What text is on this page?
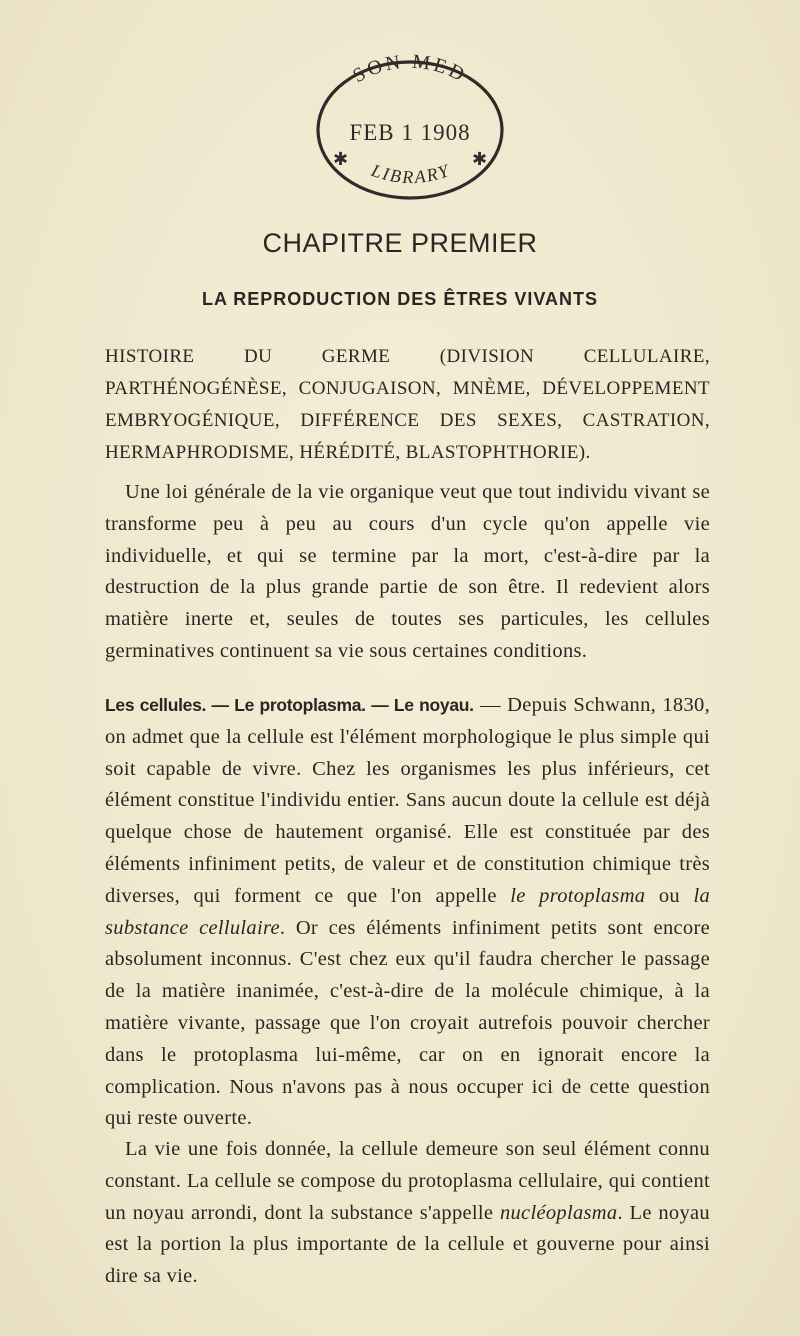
SON MED
FEB 1 1908
✱	✱
LIBRARY
CHAPITRE PREMIER
LA REPRODUCTION DES ÊTRES VIVANTS

HISTOIRE DU GERME (DIVISION CELLULAIRE, PARTHÉNOGÉNÈSE, CONJUGAISON, MNÈME, DÉVELOPPEMENT EMBRYOGÉNIQUE, DIFFÉRENCE DES SEXES, CASTRATION, HERMAPHRODISME, HÉRÉDITÉ, BLASTOPHTHORIE).

Une loi générale de la vie organique veut que tout individu vivant se transforme peu à peu au cours d'un cycle qu'on appelle vie individuelle, et qui se termine par la mort, c'est-à-dire par la destruction de la plus grande partie de son être. Il redevient alors matière inerte et, seules de toutes ses particules, les cellules germinatives continuent sa vie sous certaines conditions.

Les cellules. — Le protoplasma. — Le noyau. — Depuis Schwann, 1830, on admet que la cellule est l'élément morphologique le plus simple qui soit capable de vivre. Chez les organismes les plus inférieurs, cet élément constitue l'individu entier. Sans aucun doute la cellule est déjà quelque chose de hautement organisé. Elle est constituée par des éléments infiniment petits, de valeur et de constitution chimique très diverses, qui forment ce que l'on appelle le protoplasma ou la substance cellulaire. Or ces éléments infiniment petits sont encore absolument inconnus. C'est chez eux qu'il faudra chercher le passage de la matière inanimée, c'est-à-dire de la molécule chimique, à la matière vivante, passage que l'on croyait autrefois pouvoir chercher dans le protoplasma lui-même, car on en ignorait encore la complication. Nous n'avons pas à nous occuper ici de cette question qui reste ouverte.

La vie une fois donnée, la cellule demeure son seul élément connu constant. La cellule se compose du protoplasma cellulaire, qui contient un noyau arrondi, dont la substance s'appelle nucléoplasma. Le noyau est la portion la plus importante de la cellule et gouverne pour ainsi dire sa vie.
